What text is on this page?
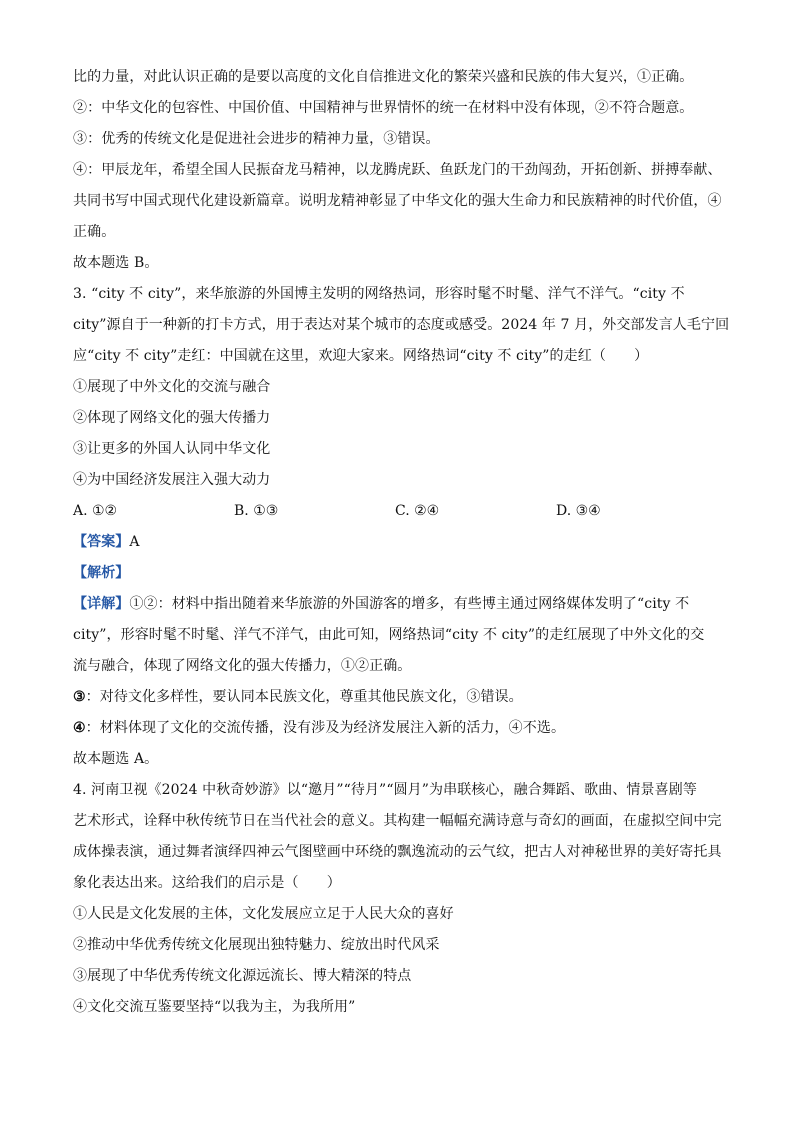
比的力量，对此认识正确的是要以高度的文化自信推进文化的繁荣兴盛和民族的伟大复兴，①正确。
②：中华文化的包容性、中国价值、中国精神与世界情怀的统一在材料中没有体现，②不符合题意。
③：优秀的传统文化是促进社会进步的精神力量，③错误。
④：甲辰龙年，希望全国人民振奋龙马精神，以龙腾虎跃、鱼跃龙门的干劲闯劲，开拓创新、拼搏奉献、
共同书写中国式现代化建设新篇章。说明龙精神彰显了中华文化的强大生命力和民族精神的时代价值，④
正确。
故本题选 B。
3. “city 不 city”，来华旅游的外国博主发明的网络热词，形容时髦不时髦、洋气不洋气。“city 不
city”源自于一种新的打卡方式，用于表达对某个城市的态度或感受。2024 年 7 月，外交部发言人毛宁回
应“city 不 city”走红：中国就在这里，欢迎大家来。网络热词“city 不 city”的走红（　　）
①展现了中外文化的交流与融合
②体现了网络文化的强大传播力
③让更多的外国人认同中华文化
④为中国经济发展注入强大动力
A. ①②	B. ①③	C. ②④	D. ③④
【答案】A
【解析】
【详解】①②：材料中指出随着来华旅游的外国游客的增多，有些博主通过网络媒体发明了“city 不
city”，形容时髦不时髦、洋气不洋气，由此可知，网络热词“city 不 city”的走红展现了中外文化的交
流与融合，体现了网络文化的强大传播力，①②正确。
③：对待文化多样性，要认同本民族文化，尊重其他民族文化，③错误。
④：材料体现了文化的交流传播，没有涉及为经济发展注入新的活力，④不选。
故本题选 A。
4. 河南卫视《2024 中秋奇妙游》以“邀月”“待月”“圆月”为串联核心，融合舞蹈、歌曲、情景喜剧等
艺术形式，诠释中秋传统节日在当代社会的意义。其构建一幅幅充满诗意与奇幻的画面，在虚拟空间中完
成体操表演，通过舞者演绎四神云气图壁画中环绕的飘逸流动的云气纹，把古人对神秘世界的美好寄托具
象化表达出来。这给我们的启示是（　　）
①人民是文化发展的主体，文化发展应立足于人民大众的喜好
②推动中华优秀传统文化展现出独特魅力、绽放出时代风采
③展现了中华优秀传统文化源远流长、博大精深的特点
④文化交流互鉴要坚持“以我为主，为我所用”
